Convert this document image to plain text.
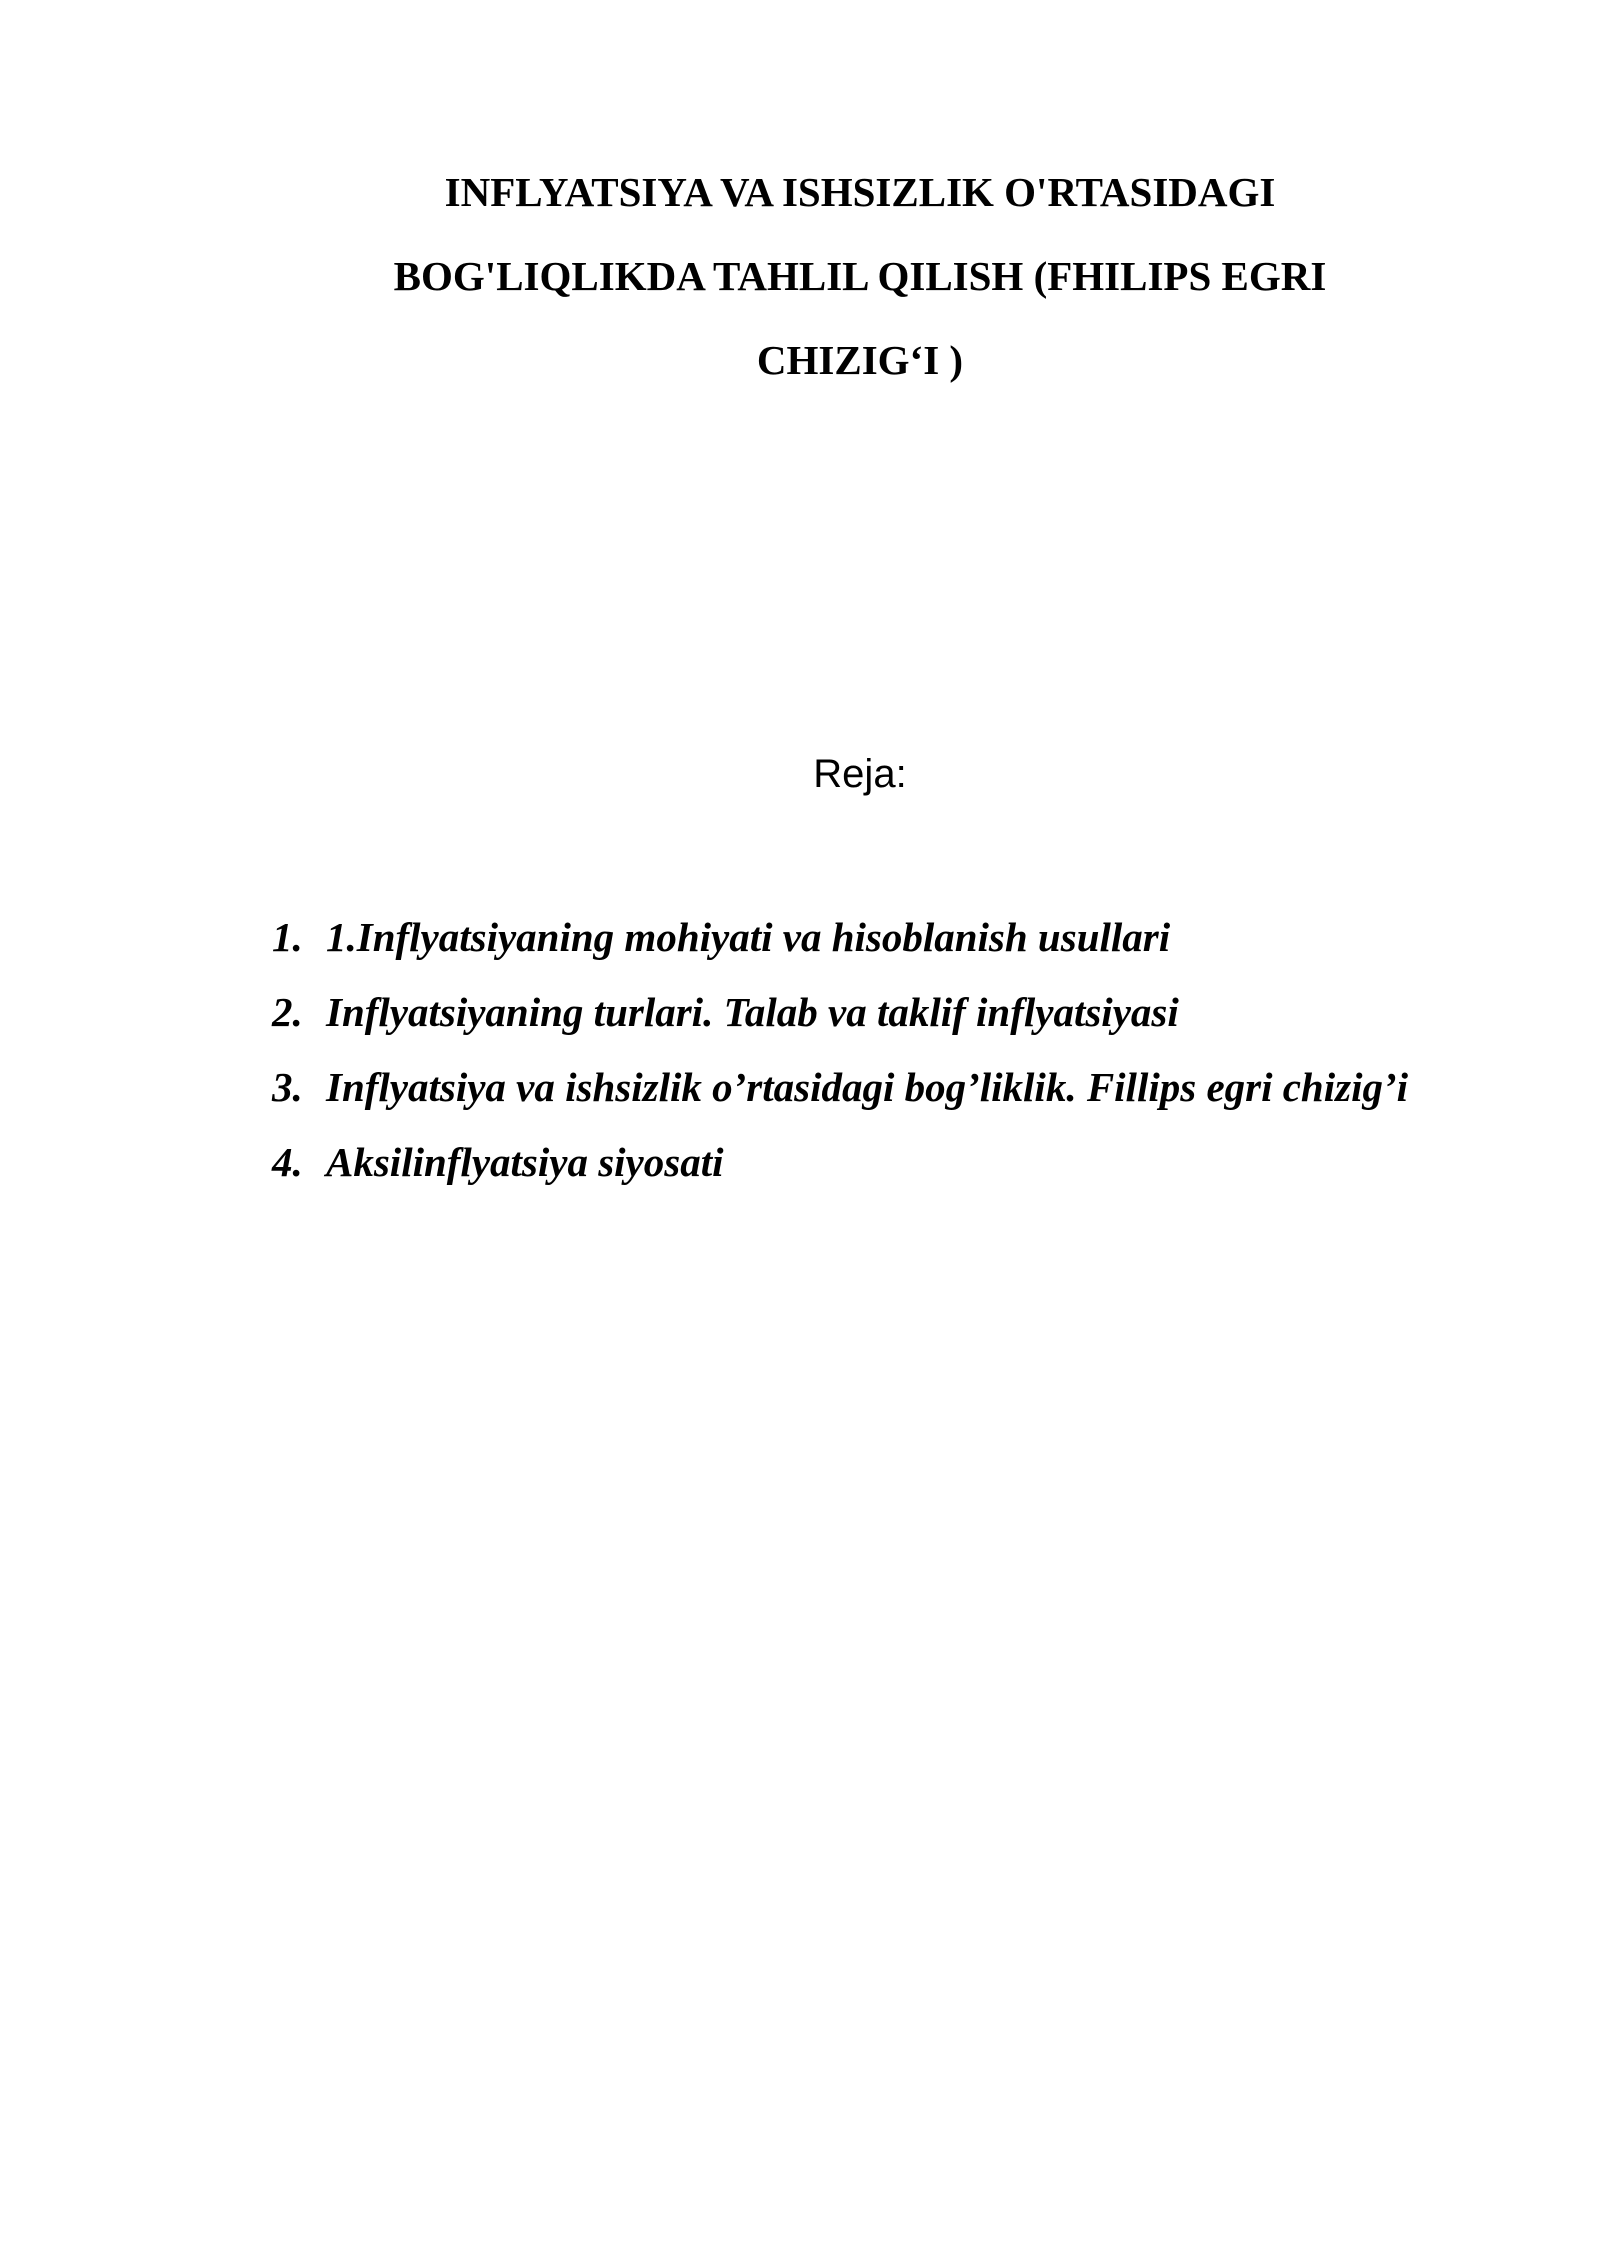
INFLYATSIYA VA ISHSIZLIK O'RTASIDAGI
BOG'LIQLIKDA TAHLIL QILISH (FHILIPS EGRI
CHIZIG‘I )
Reja:
1. 1.Inflyatsiyaning mohiyati va hisoblanish usullari
2. Inflyatsiyaning turlari. Talab va taklif inflyatsiyasi
3. Inflyatsiya va ishsizlik o’rtasidagi bog’liklik. Fillips egri chizig’i
4. Aksilinflyatsiya siyosati
